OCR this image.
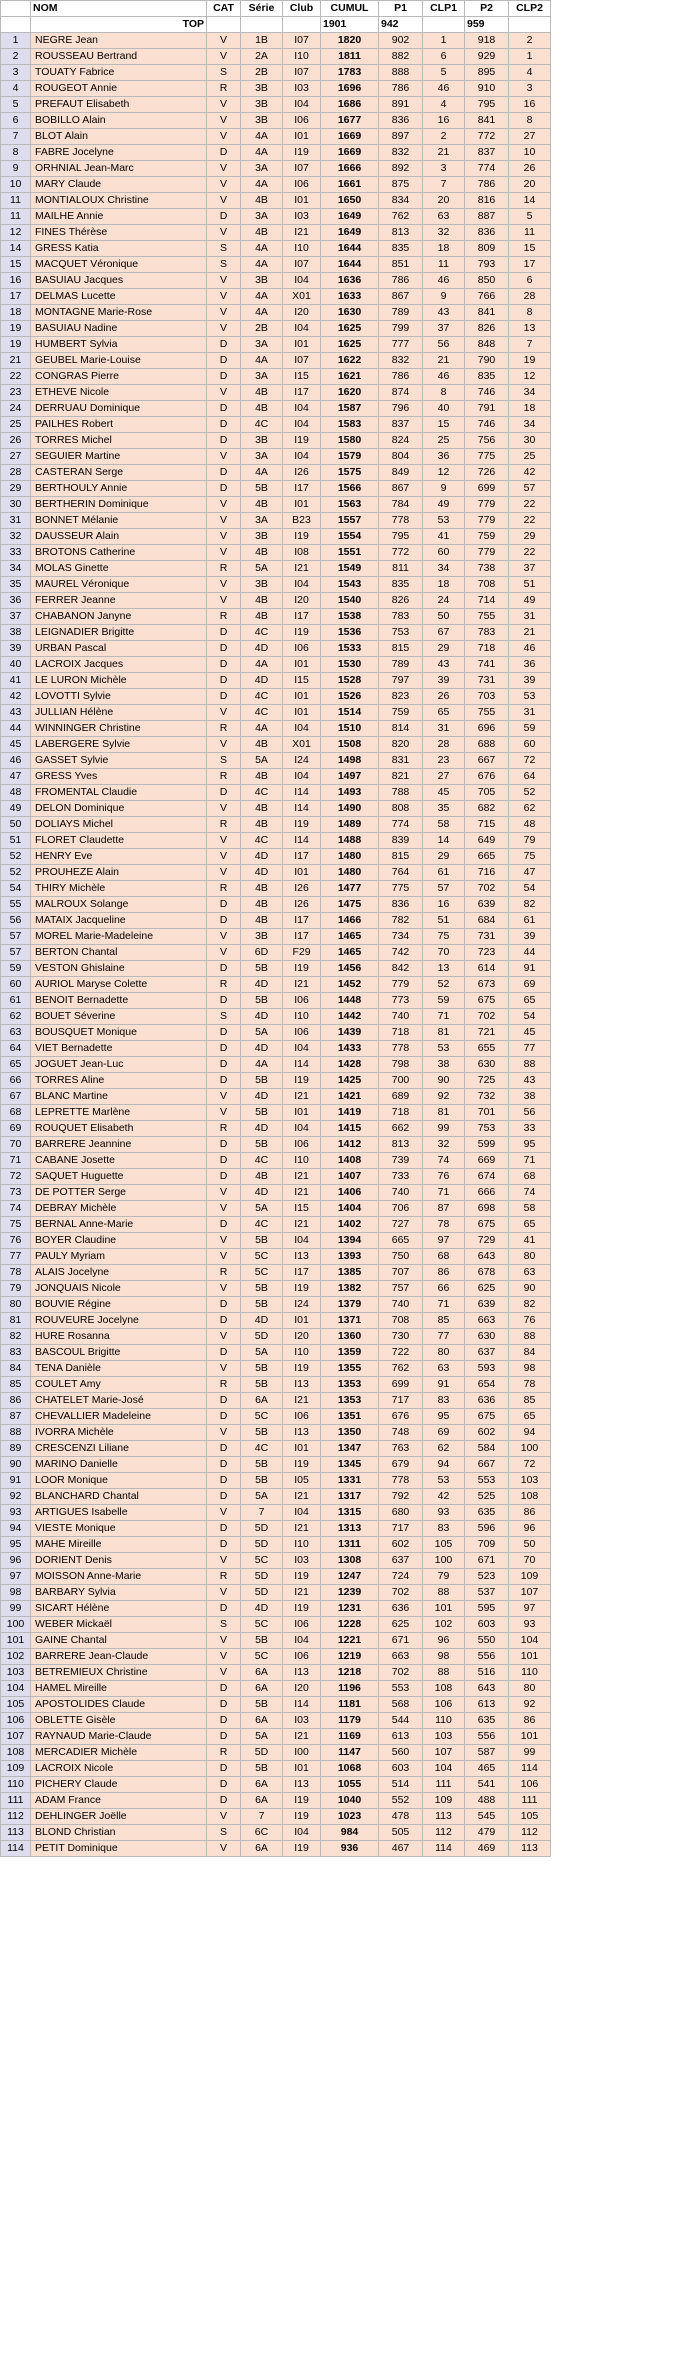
	NOM	CAT	Série	Club	CUMUL	P1	CLP1	P2	CLP2	
	TOP				1901	942		959		
1	NEGRE Jean	V	1B	I07	1820	902	1	918	2	
2	ROUSSEAU Bertrand	V	2A	I10	1811	882	6	929	1	
3	TOUATY Fabrice	S	2B	I07	1783	888	5	895	4	
4	ROUGEOT Annie	R	3B	I03	1696	786	46	910	3	
5	PREFAUT Elisabeth	V	3B	I04	1686	891	4	795	16	
6	BOBILLO Alain	V	3B	I06	1677	836	16	841	8	
7	BLOT Alain	V	4A	I01	1669	897	2	772	27	
8	FABRE Jocelyne	D	4A	I19	1669	832	21	837	10	
9	ORHNIAL Jean-Marc	V	3A	I07	1666	892	3	774	26	
10	MARY Claude	V	4A	I06	1661	875	7	786	20	
11	MONTIALOUX Christine	V	4B	I01	1650	834	20	816	14	
11	MAILHE Annie	D	3A	I03	1649	762	63	887	5	
12	FINES Thérèse	V	4B	I21	1649	813	32	836	11	
14	GRESS Katia	S	4A	I10	1644	835	18	809	15	
15	MACQUET Véronique	S	4A	I07	1644	851	11	793	17	
16	BASUIAU Jacques	V	3B	I04	1636	786	46	850	6	
17	DELMAS Lucette	V	4A	X01	1633	867	9	766	28	
18	MONTAGNE Marie-Rose	V	4A	I20	1630	789	43	841	8	
19	BASUIAU Nadine	V	2B	I04	1625	799	37	826	13	
19	HUMBERT Sylvia	D	3A	I01	1625	777	56	848	7	
21	GEUBEL Marie-Louise	D	4A	I07	1622	832	21	790	19	
22	CONGRAS Pierre	D	3A	I15	1621	786	46	835	12	
23	ETHEVE Nicole	V	4B	I17	1620	874	8	746	34	
24	DERRUAU Dominique	D	4B	I04	1587	796	40	791	18	
25	PAILHES Robert	D	4C	I04	1583	837	15	746	34	
26	TORRES Michel	D	3B	I19	1580	824	25	756	30	
27	SEGUIER Martine	V	3A	I04	1579	804	36	775	25	
28	CASTERAN Serge	D	4A	I26	1575	849	12	726	42	
29	BERTHOULY Annie	D	5B	I17	1566	867	9	699	57	
30	BERTHERIN Dominique	V	4B	I01	1563	784	49	779	22	
31	BONNET Mélanie	V	3A	B23	1557	778	53	779	22	
32	DAUSSEUR Alain	V	3B	I19	1554	795	41	759	29	
33	BROTONS Catherine	V	4B	I08	1551	772	60	779	22	
34	MOLAS Ginette	R	5A	I21	1549	811	34	738	37	
35	MAUREL Véronique	V	3B	I04	1543	835	18	708	51	
36	FERRER Jeanne	V	4B	I20	1540	826	24	714	49	
37	CHABANON Janyne	R	4B	I17	1538	783	50	755	31	
38	LEIGNADIER Brigitte	D	4C	I19	1536	753	67	783	21	
39	URBAN Pascal	D	4D	I06	1533	815	29	718	46	
40	LACROIX Jacques	D	4A	I01	1530	789	43	741	36	
41	LE LURON Michèle	D	4D	I15	1528	797	39	731	39	
42	LOVOTTI Sylvie	D	4C	I01	1526	823	26	703	53	
43	JULLIAN Hélène	V	4C	I01	1514	759	65	755	31	
44	WINNINGER Christine	R	4A	I04	1510	814	31	696	59	
45	LABERGERE Sylvie	V	4B	X01	1508	820	28	688	60	
46	GASSET Sylvie	S	5A	I24	1498	831	23	667	72	
47	GRESS Yves	R	4B	I04	1497	821	27	676	64	
48	FROMENTAL Claudie	D	4C	I14	1493	788	45	705	52	
49	DELON Dominique	V	4B	I14	1490	808	35	682	62	
50	DOLIAYS Michel	R	4B	I19	1489	774	58	715	48	
51	FLORET Claudette	V	4C	I14	1488	839	14	649	79	
52	HENRY Eve	V	4D	I17	1480	815	29	665	75	
52	PROUHEZE Alain	V	4D	I01	1480	764	61	716	47	
54	THIRY Michèle	R	4B	I26	1477	775	57	702	54	
55	MALROUX Solange	D	4B	I26	1475	836	16	639	82	
56	MATAIX Jacqueline	D	4B	I17	1466	782	51	684	61	
57	MOREL Marie-Madeleine	V	3B	I17	1465	734	75	731	39	
57	BERTON Chantal	V	6D	F29	1465	742	70	723	44	
59	VESTON Ghislaine	D	5B	I19	1456	842	13	614	91	
60	AURIOL Maryse Colette	R	4D	I21	1452	779	52	673	69	
61	BENOIT Bernadette	D	5B	I06	1448	773	59	675	65	
62	BOUET Séverine	S	4D	I10	1442	740	71	702	54	
63	BOUSQUET Monique	D	5A	I06	1439	718	81	721	45	
64	VIET Bernadette	D	4D	I04	1433	778	53	655	77	
65	JOGUET Jean-Luc	D	4A	I14	1428	798	38	630	88	
66	TORRES Aline	D	5B	I19	1425	700	90	725	43	
67	BLANC Martine	V	4D	I21	1421	689	92	732	38	
68	LEPRETTE Marlène	V	5B	I01	1419	718	81	701	56	
69	ROUQUET Elisabeth	R	4D	I04	1415	662	99	753	33	
70	BARRERE Jeannine	D	5B	I06	1412	813	32	599	95	
71	CABANE Josette	D	4C	I10	1408	739	74	669	71	
72	SAQUET Huguette	D	4B	I21	1407	733	76	674	68	
73	DE POTTER Serge	V	4D	I21	1406	740	71	666	74	
74	DEBRAY Michèle	V	5A	I15	1404	706	87	698	58	
75	BERNAL Anne-Marie	D	4C	I21	1402	727	78	675	65	
76	BOYER Claudine	V	5B	I04	1394	665	97	729	41	
77	PAULY Myriam	V	5C	I13	1393	750	68	643	80	
78	ALAIS Jocelyne	R	5C	I17	1385	707	86	678	63	
79	JONQUAIS Nicole	V	5B	I19	1382	757	66	625	90	
80	BOUVIE Régine	D	5B	I24	1379	740	71	639	82	
81	ROUVEURE Jocelyne	D	4D	I01	1371	708	85	663	76	
82	HURE Rosanna	V	5D	I20	1360	730	77	630	88	
83	BASCOUL Brigitte	D	5A	I10	1359	722	80	637	84	
84	TENA Danièle	V	5B	I19	1355	762	63	593	98	
85	COULET Amy	R	5B	I13	1353	699	91	654	78	
86	CHATELET Marie-José	D	6A	I21	1353	717	83	636	85	
87	CHEVALLIER Madeleine	D	5C	I06	1351	676	95	675	65	
88	IVORRA Michèle	V	5B	I13	1350	748	69	602	94	
89	CRESCENZI Liliane	D	4C	I01	1347	763	62	584	100	
90	MARINO Danielle	D	5B	I19	1345	679	94	667	72	
91	LOOR Monique	D	5B	I05	1331	778	53	553	103	
92	BLANCHARD Chantal	D	5A	I21	1317	792	42	525	108	
93	ARTIGUES Isabelle	V	7	I04	1315	680	93	635	86	
94	VIESTE Monique	D	5D	I21	1313	717	83	596	96	
95	MAHE Mireille	D	5D	I10	1311	602	105	709	50	
96	DORIENT Denis	V	5C	I03	1308	637	100	671	70	
97	MOISSON Anne-Marie	R	5D	I19	1247	724	79	523	109	
98	BARBARY Sylvia	V	5D	I21	1239	702	88	537	107	
99	SICART Hélène	D	4D	I19	1231	636	101	595	97	
100	WEBER Mickaël	S	5C	I06	1228	625	102	603	93	
101	GAINE Chantal	V	5B	I04	1221	671	96	550	104	
102	BARRERE Jean-Claude	V	5C	I06	1219	663	98	556	101	
103	BETREMIEUX Christine	V	6A	I13	1218	702	88	516	110	
104	HAMEL Mireille	D	6A	I20	1196	553	108	643	80	
105	APOSTOLIDES Claude	D	5B	I14	1181	568	106	613	92	
106	OBLETTE Gisèle	D	6A	I03	1179	544	110	635	86	
107	RAYNAUD Marie-Claude	D	5A	I21	1169	613	103	556	101	
108	MERCADIER Michèle	R	5D	I00	1147	560	107	587	99	
109	LACROIX Nicole	D	5B	I01	1068	603	104	465	114	
110	PICHERY Claude	D	6A	I13	1055	514	111	541	106	
111	ADAM France	D	6A	I19	1040	552	109	488	111	
112	DEHLINGER Joëlle	V	7	I19	1023	478	113	545	105	
113	BLOND Christian	S	6C	I04	984	505	112	479	112	
114	PETIT Dominique	V	6A	I19	936	467	114	469	113	
